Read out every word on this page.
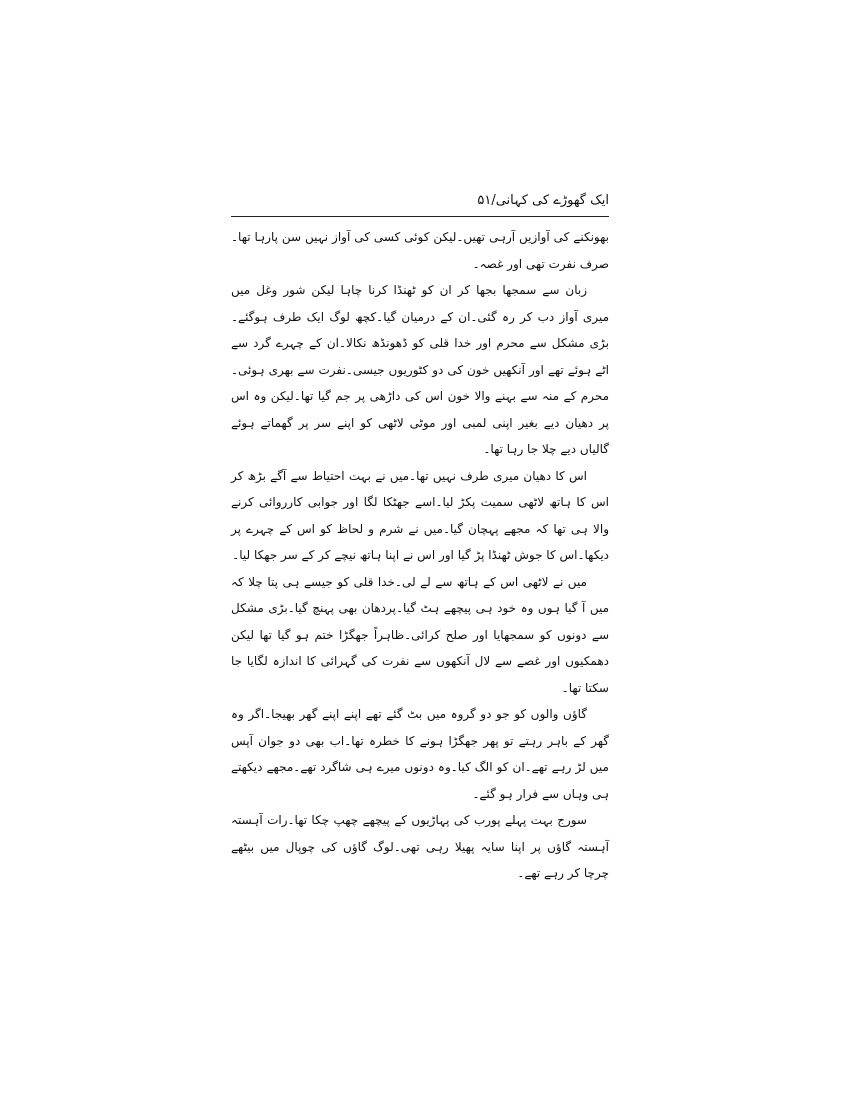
ایک گھوڑے کی کہانی/۵۱

بھونکنے کی آوازیں آرہی تھیں۔لیکن کوئی کسی کی آواز نہیں سن پارہا تھا۔صرف نفرت تھی اور غصہ۔

زبان سے سمجھا بجھا کر ان کو ٹھنڈا کرنا چاہا لیکن شور وغل میں میری آواز دب کر رہ گئی۔ان کے درمیان گیا۔کچھ لوگ ایک طرف ہوگئے۔بڑی مشکل سے محرم اور خدا قلی کو ڈھونڈھ نکالا۔ان کے چہرے گرد سے اٹے ہوئے تھے اور آنکھیں خون کی دو کٹوریوں جیسی۔نفرت سے بھری ہوئی۔محرم کے منہ سے بہنے والا خون اس کی داڑھی پر جم گیا تھا۔لیکن وہ اس پر دھیان دیے بغیر اپنی لمبی اور موٹی لاٹھی کو اپنے سر پر گھماتے ہوئے گالیاں دیے چلا جا رہا تھا۔

اس کا دھیان میری طرف نہیں تھا۔میں نے بہت احتیاط سے آگے بڑھ کر اس کا ہاتھ لاٹھی سمیت پکڑ لیا۔اسے جھٹکا لگا اور جوابی کارروائی کرنے والا ہی تھا کہ مجھے پہچان گیا۔میں نے شرم و لحاظ کو اس کے چہرے پر دیکھا۔اس کا جوش ٹھنڈا پڑ گیا اور اس نے اپنا ہاتھ نیچے کر کے سر جھکا لیا۔

میں نے لاٹھی اس کے ہاتھ سے لے لی۔خدا قلی کو جیسے ہی پتا چلا کہ میں آ گیا ہوں وہ خود ہی پیچھے ہٹ گیا۔پردھان بھی پہنچ گیا۔بڑی مشکل سے دونوں کو سمجھایا اور صلح کرائی۔ظاہراً جھگڑا ختم ہو گیا تھا لیکن دھمکیوں اور غصے سے لال آنکھوں سے نفرت کی گہرائی کا اندازہ لگایا جا سکتا تھا۔

گاؤں والوں کو جو دو گروہ میں بٹ گئے تھے اپنے اپنے گھر بھیجا۔اگر وہ گھر کے باہر رہتے تو پھر جھگڑا ہونے کا خطرہ تھا۔اب بھی دو جوان آپس میں لڑ رہے تھے۔ان کو الگ کیا۔وہ دونوں میرے ہی شاگرد تھے۔مجھے دیکھتے ہی وہاں سے فرار ہو گئے۔

سورج بہت پہلے پورب کی پہاڑیوں کے پیچھے چھپ چکا تھا۔رات آہستہ آہستہ گاؤں پر اپنا سایہ پھیلا رہی تھی۔لوگ گاؤں کی چوپال میں بیٹھے چرچا کر رہے تھے۔
